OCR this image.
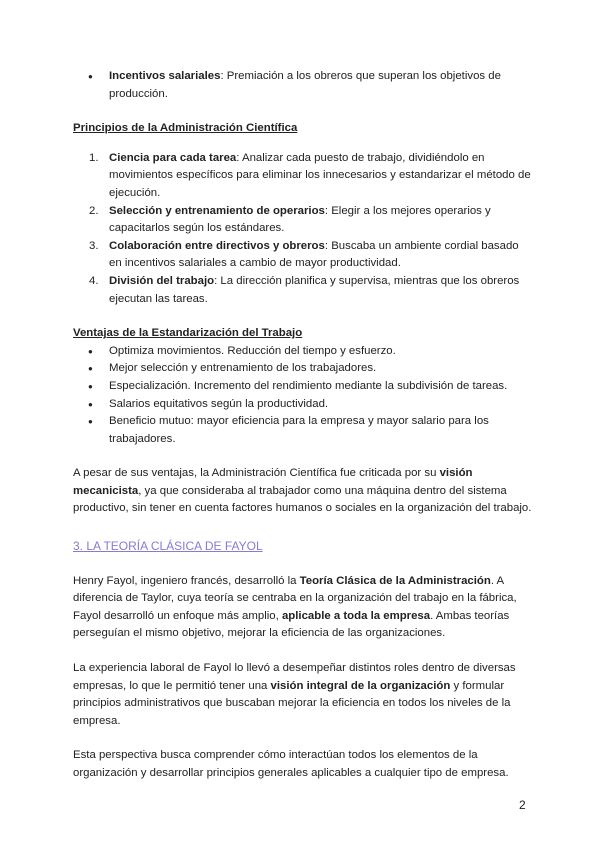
● Incentivos salariales: Premiación a los obreros que superan los objetivos de producción.

Principios de la Administración Científica

1. Ciencia para cada tarea: Analizar cada puesto de trabajo, dividiéndolo en movimientos específicos para eliminar los innecesarios y estandarizar el método de ejecución.
2. Selección y entrenamiento de operarios: Elegir a los mejores operarios y capacitarlos según los estándares.
3. Colaboración entre directivos y obreros: Buscaba un ambiente cordial basado en incentivos salariales a cambio de mayor productividad.
4. División del trabajo: La dirección planifica y supervisa, mientras que los obreros ejecutan las tareas.

Ventajas de la Estandarización del Trabajo

● Optimiza movimientos. Reducción del tiempo y esfuerzo.
● Mejor selección y entrenamiento de los trabajadores.
● Especialización. Incremento del rendimiento mediante la subdivisión de tareas.
● Salarios equitativos según la productividad.
● Beneficio mutuo: mayor eficiencia para la empresa y mayor salario para los trabajadores.

A pesar de sus ventajas, la Administración Científica fue criticada por su visión mecanicista, ya que consideraba al trabajador como una máquina dentro del sistema productivo, sin tener en cuenta factores humanos o sociales en la organización del trabajo.

3. LA TEORÍA CLÁSICA DE FAYOL

Henry Fayol, ingeniero francés, desarrolló la Teoría Clásica de la Administración. A diferencia de Taylor, cuya teoría se centraba en la organización del trabajo en la fábrica, Fayol desarrolló un enfoque más amplio, aplicable a toda la empresa. Ambas teorías perseguían el mismo objetivo, mejorar la eficiencia de las organizaciones.

La experiencia laboral de Fayol lo llevó a desempeñar distintos roles dentro de diversas empresas, lo que le permitió tener una visión integral de la organización y formular principios administrativos que buscaban mejorar la eficiencia en todos los niveles de la empresa.

Esta perspectiva busca comprender cómo interactúan todos los elementos de la organización y desarrollar principios generales aplicables a cualquier tipo de empresa.

2
